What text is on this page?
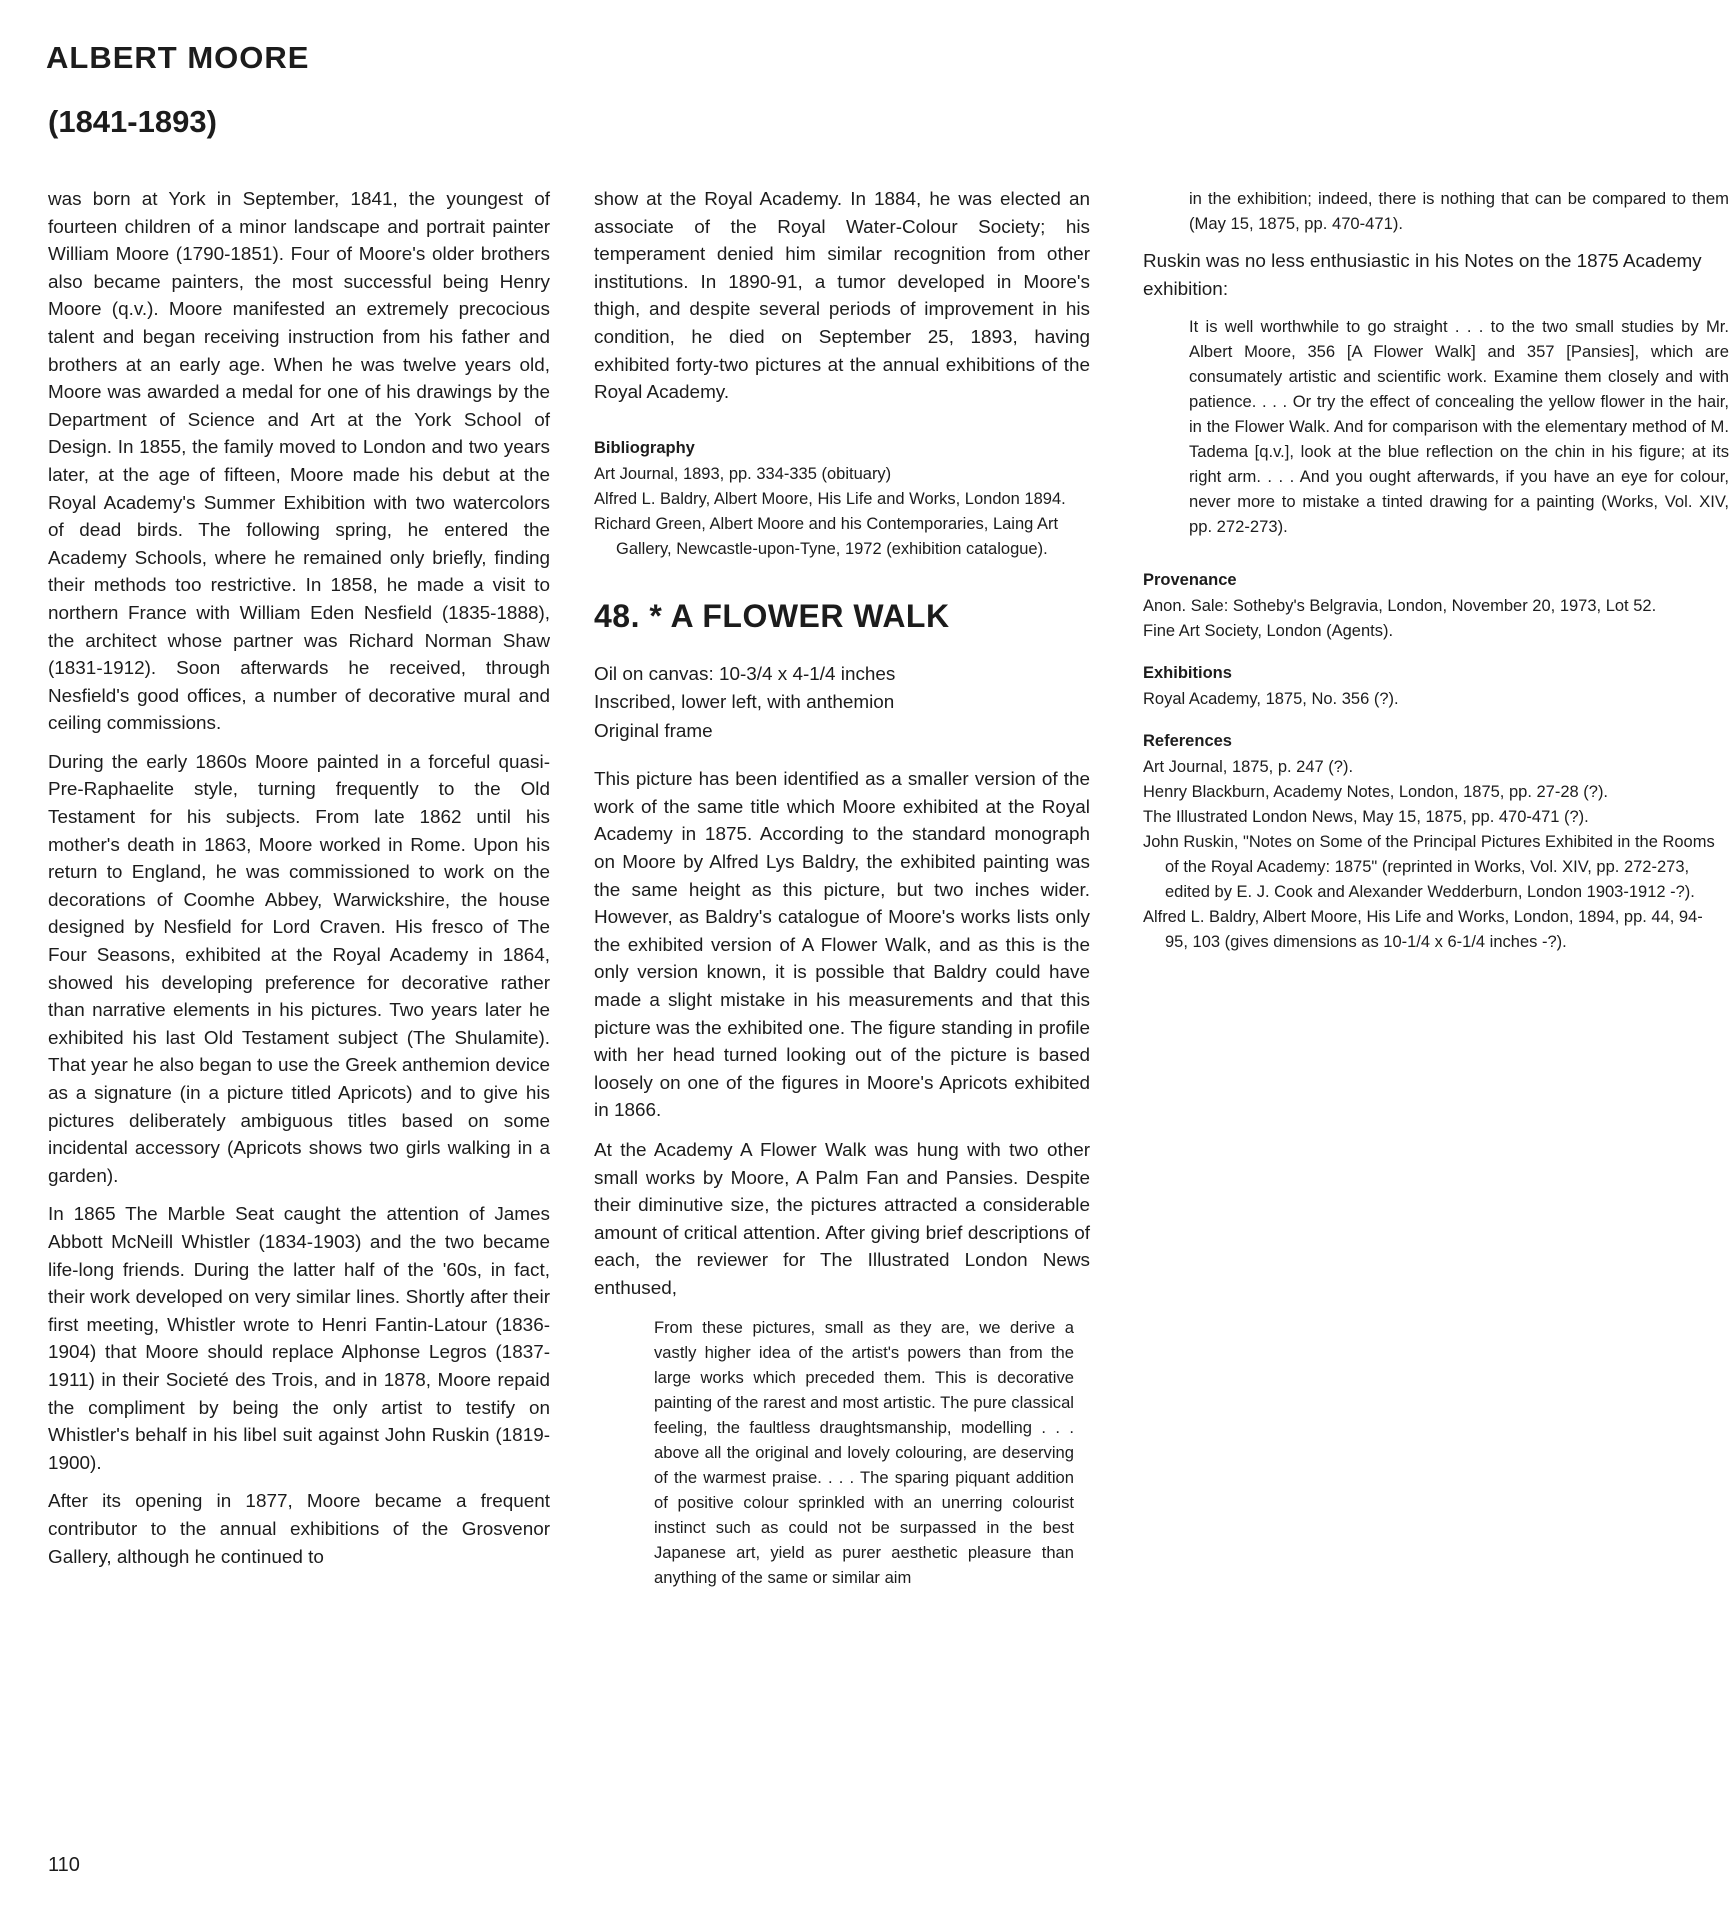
ALBERT MOORE
(1841-1893)

was born at York in September, 1841, the youngest of fourteen children of a minor landscape and portrait painter William Moore (1790-1851). Four of Moore's older brothers also became painters, the most successful being Henry Moore (q.v.). Moore manifested an extremely precocious talent and began receiving instruction from his father and brothers at an early age. When he was twelve years old, Moore was awarded a medal for one of his drawings by the Department of Science and Art at the York School of Design. In 1855, the family moved to London and two years later, at the age of fifteen, Moore made his debut at the Royal Academy's Summer Exhibition with two watercolors of dead birds. The following spring, he entered the Academy Schools, where he remained only briefly, finding their methods too restrictive. In 1858, he made a visit to northern France with William Eden Nesfield (1835-1888), the architect whose partner was Richard Norman Shaw (1831-1912). Soon afterwards he received, through Nesfield's good offices, a number of decorative mural and ceiling commissions.

During the early 1860s Moore painted in a forceful quasi-Pre-Raphaelite style, turning frequently to the Old Testament for his subjects. From late 1862 until his mother's death in 1863, Moore worked in Rome. Upon his return to England, he was commissioned to work on the decorations of Coomhe Abbey, Warwickshire, the house designed by Nesfield for Lord Craven. His fresco of The Four Seasons, exhibited at the Royal Academy in 1864, showed his developing preference for decorative rather than narrative elements in his pictures. Two years later he exhibited his last Old Testament subject (The Shulamite). That year he also began to use the Greek anthemion device as a signature (in a picture titled Apricots) and to give his pictures deliberately ambiguous titles based on some incidental accessory (Apricots shows two girls walking in a garden).

In 1865 The Marble Seat caught the attention of James Abbott McNeill Whistler (1834-1903) and the two became life-long friends. During the latter half of the '60s, in fact, their work developed on very similar lines. Shortly after their first meeting, Whistler wrote to Henri Fantin-Latour (1836-1904) that Moore should replace Alphonse Legros (1837-1911) in their Societé des Trois, and in 1878, Moore repaid the compliment by being the only artist to testify on Whistler's behalf in his libel suit against John Ruskin (1819-1900).

After its opening in 1877, Moore became a frequent contributor to the annual exhibitions of the Grosvenor Gallery, although he continued to

show at the Royal Academy. In 1884, he was elected an associate of the Royal Water-Colour Society; his temperament denied him similar recognition from other institutions. In 1890-91, a tumor developed in Moore's thigh, and despite several periods of improvement in his condition, he died on September 25, 1893, having exhibited forty-two pictures at the annual exhibitions of the Royal Academy.

Bibliography
Art Journal, 1893, pp. 334-335 (obituary)
Alfred L. Baldry, Albert Moore, His Life and Works, London 1894.
Richard Green, Albert Moore and his Contemporaries, Laing Art Gallery, Newcastle-upon-Tyne, 1972 (exhibition catalogue).
48. * A FLOWER WALK

Oil on canvas: 10-3/4 x 4-1/4 inches

Inscribed, lower left, with anthemion

Original frame

This picture has been identified as a smaller version of the work of the same title which Moore exhibited at the Royal Academy in 1875. According to the standard monograph on Moore by Alfred Lys Baldry, the exhibited painting was the same height as this picture, but two inches wider. However, as Baldry's catalogue of Moore's works lists only the exhibited version of A Flower Walk, and as this is the only version known, it is possible that Baldry could have made a slight mistake in his measurements and that this picture was the exhibited one. The figure standing in profile with her head turned looking out of the picture is based loosely on one of the figures in Moore's Apricots exhibited in 1866.

At the Academy A Flower Walk was hung with two other small works by Moore, A Palm Fan and Pansies. Despite their diminutive size, the pictures attracted a considerable amount of critical attention. After giving brief descriptions of each, the reviewer for The Illustrated London News enthused,

From these pictures, small as they are, we derive a vastly higher idea of the artist's powers than from the large works which preceded them. This is decorative painting of the rarest and most artistic. The pure classical feeling, the faultless draughtsmanship, modelling . . . above all the original and lovely colouring, are deserving of the warmest praise. . . . The sparing piquant addition of positive colour sprinkled with an unerring colourist instinct such as could not be surpassed in the best Japanese art, yield as purer aesthetic pleasure than anything of the same or similar aim

in the exhibition; indeed, there is nothing that can be compared to them (May 15, 1875, pp. 470-471).

Ruskin was no less enthusiastic in his Notes on the 1875 Academy exhibition:

It is well worthwhile to go straight . . . to the two small studies by Mr. Albert Moore, 356 [A Flower Walk] and 357 [Pansies], which are consumately artistic and scientific work. Examine them closely and with patience. . . . Or try the effect of concealing the yellow flower in the hair, in the Flower Walk. And for comparison with the elementary method of M. Tadema [q.v.], look at the blue reflection on the chin in his figure; at its right arm. . . . And you ought afterwards, if you have an eye for colour, never more to mistake a tinted drawing for a painting (Works, Vol. XIV, pp. 272-273).

Provenance
Anon. Sale: Sotheby's Belgravia, London, November 20, 1973, Lot 52.
Fine Art Society, London (Agents).
Exhibitions
Royal Academy, 1875, No. 356 (?).
References
Art Journal, 1875, p. 247 (?).
Henry Blackburn, Academy Notes, London, 1875, pp. 27-28 (?).
The Illustrated London News, May 15, 1875, pp. 470-471 (?).
John Ruskin, "Notes on Some of the Principal Pictures Exhibited in the Rooms of the Royal Academy: 1875" (reprinted in Works, Vol. XIV, pp. 272-273, edited by E. J. Cook and Alexander Wedderburn, London 1903-1912 -?).
Alfred L. Baldry, Albert Moore, His Life and Works, London, 1894, pp. 44, 94-95, 103 (gives dimensions as 10-1/4 x 6-1/4 inches -?).
110
